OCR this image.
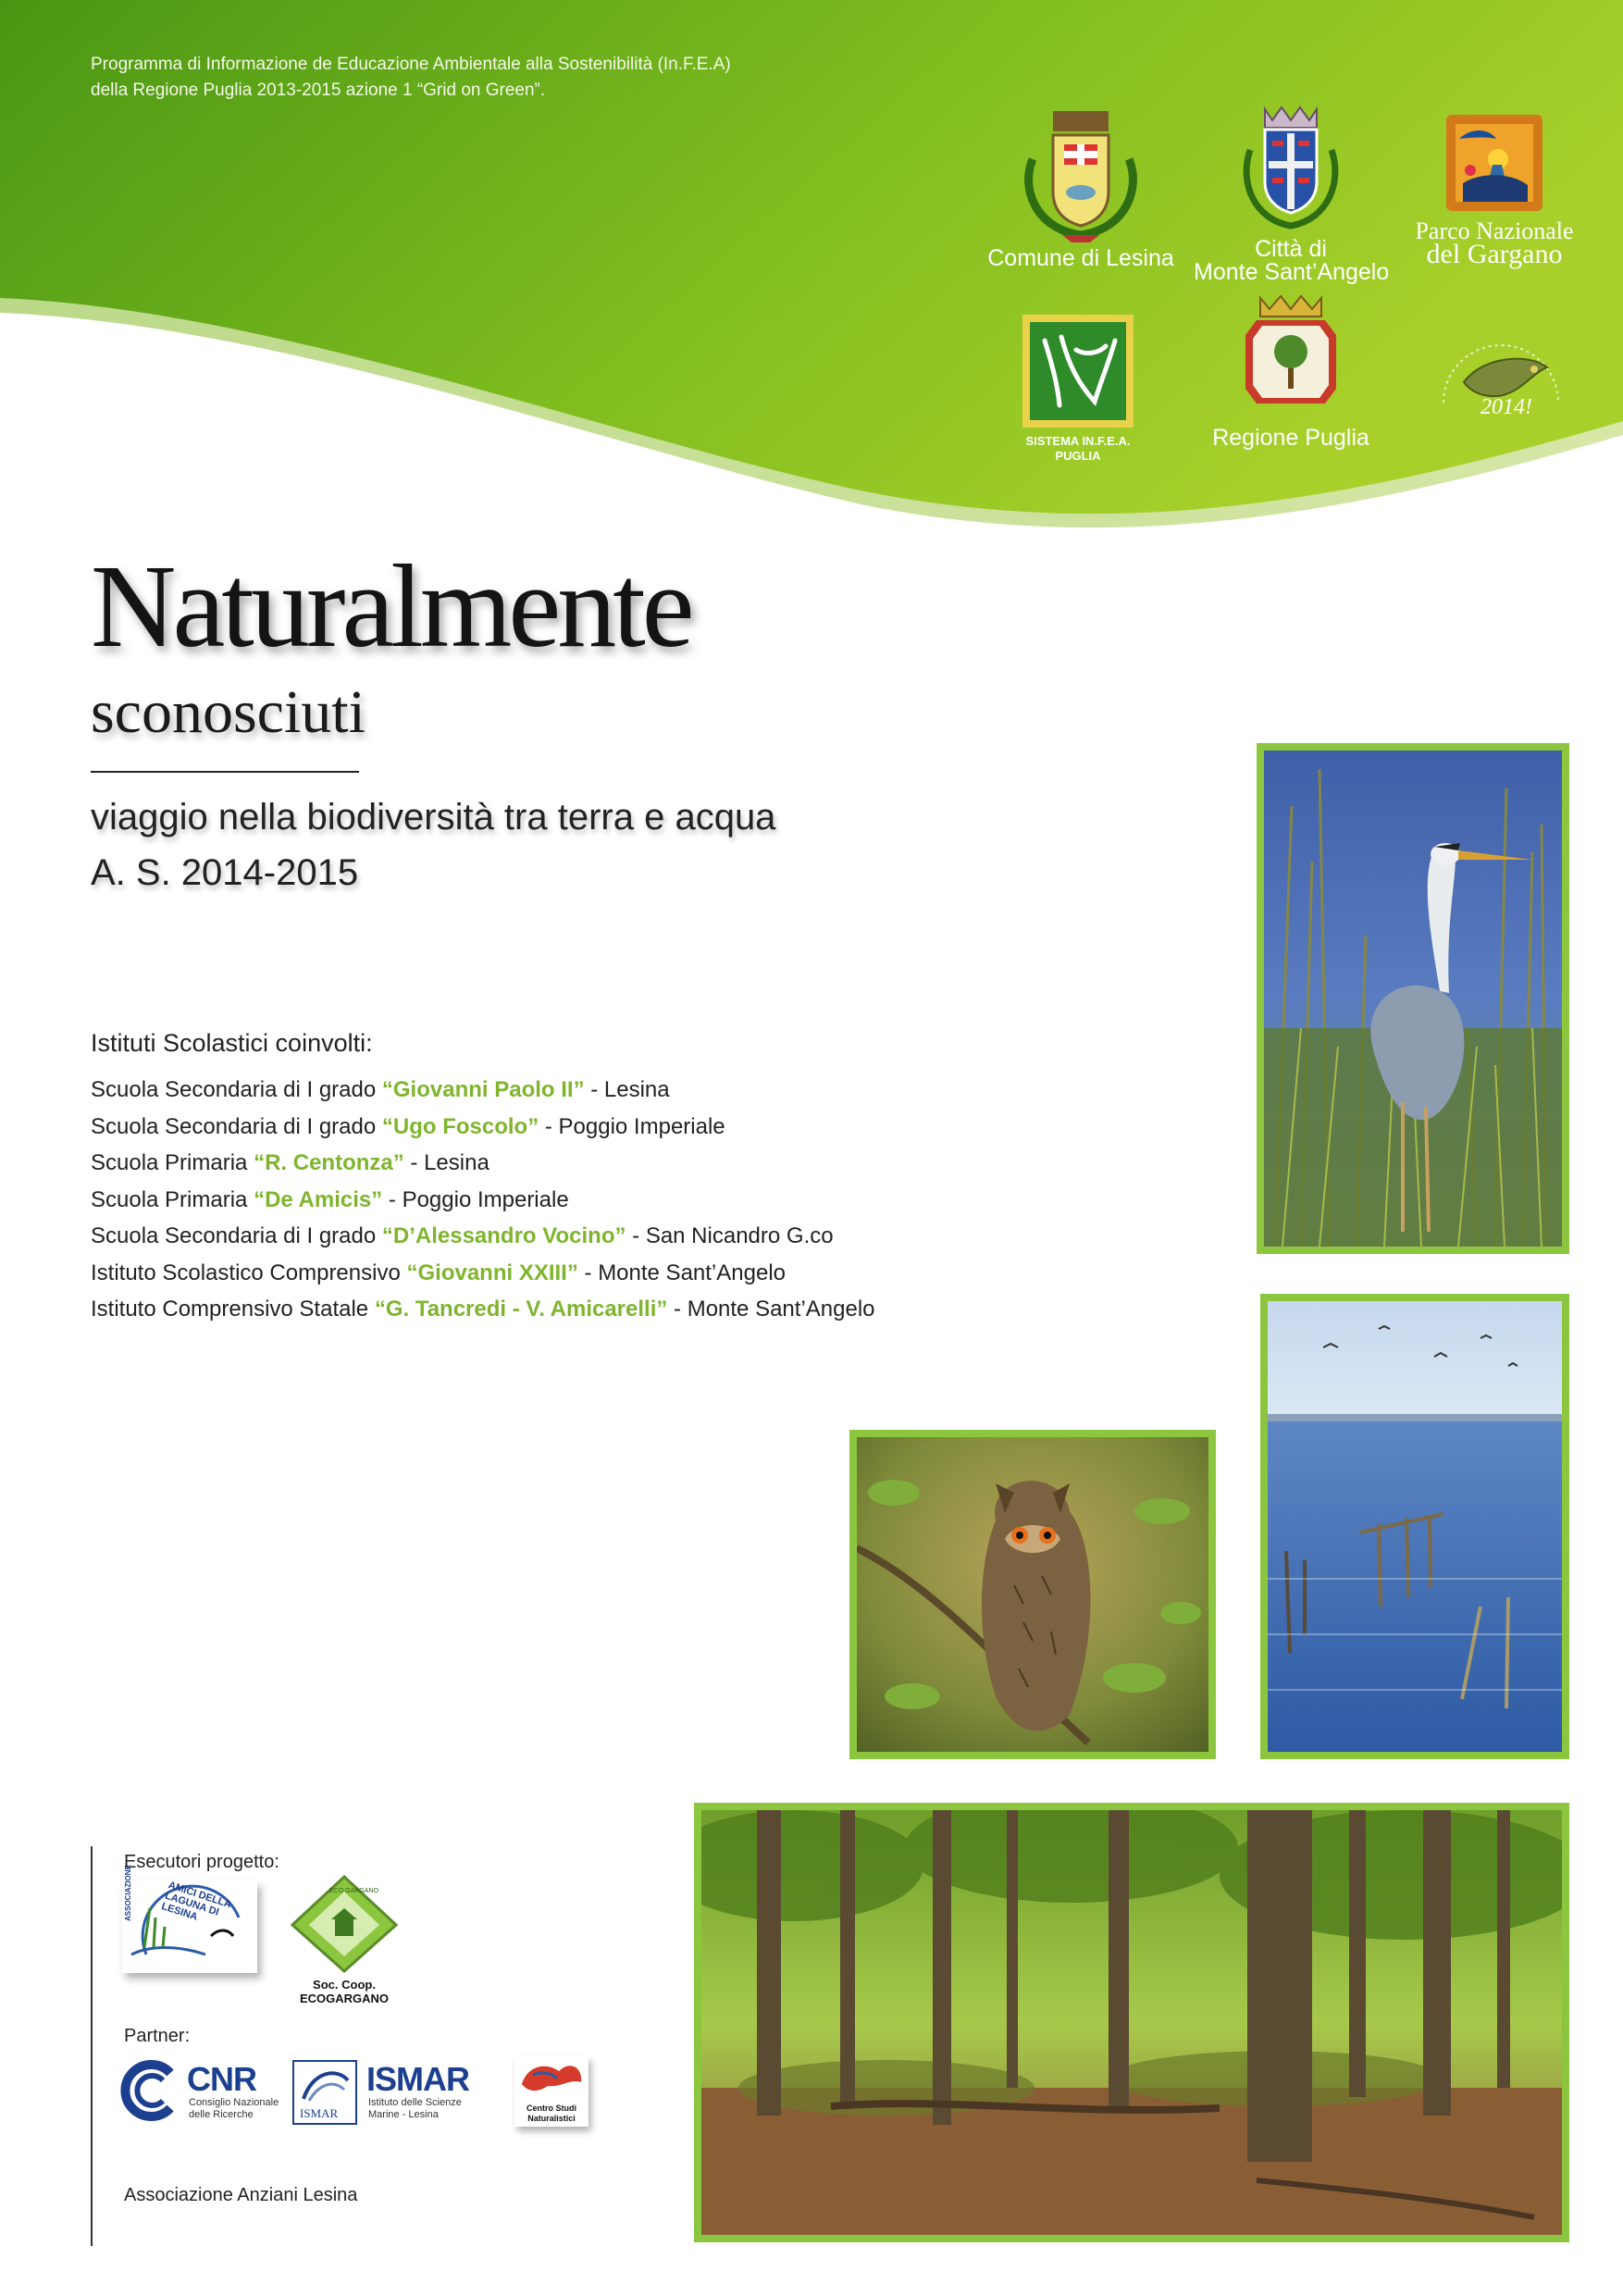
Programma di Informazione de Educazione Ambientale alla Sostenibilità (In.F.E.A)
della Regione Puglia 2013-2015 azione 1 “Grid on Green”.
Comune di Lesina	Città di
Monte Sant’Angelo
Parco Nazionale
del Gargano
SISTEMA IN.F.E.A.
PUGLIA
Regione Puglia
2014!
Naturalmente
sconosciuti
viaggio nella biodiversità tra terra e acqua
A. S. 2014-2015
Istituti Scolastici coinvolti:
Scuola Secondaria di I grado “Giovanni Paolo II” - Lesina
Scuola Secondaria di I grado “Ugo Foscolo” - Poggio Imperiale
Scuola Primaria “R. Centonza” - Lesina
Scuola Primaria “De Amicis” - Poggio Imperiale
Scuola Secondaria di I grado “D’Alessandro Vocino” - San Nicandro G.co
Istituto Scolastico Comprensivo “Giovanni XXIII” - Monte Sant’Angelo
Istituto Comprensivo Statale “G. Tancredi - V. Amicarelli” - Monte Sant’Angelo
Esecutori progetto:
AMICI DELLA LAGUNA DI LESINA
ASSOCIAZIONE	ECO GARGANO
Soc. Coop.
ECOGARGANO
Partner:
CNR
Consiglio Nazionale
delle Ricerche	ISMAR
ISMAR
Istituto delle Scienze
Marine - Lesina
Centro Studi
Naturalistici
Associazione Anziani Lesina
